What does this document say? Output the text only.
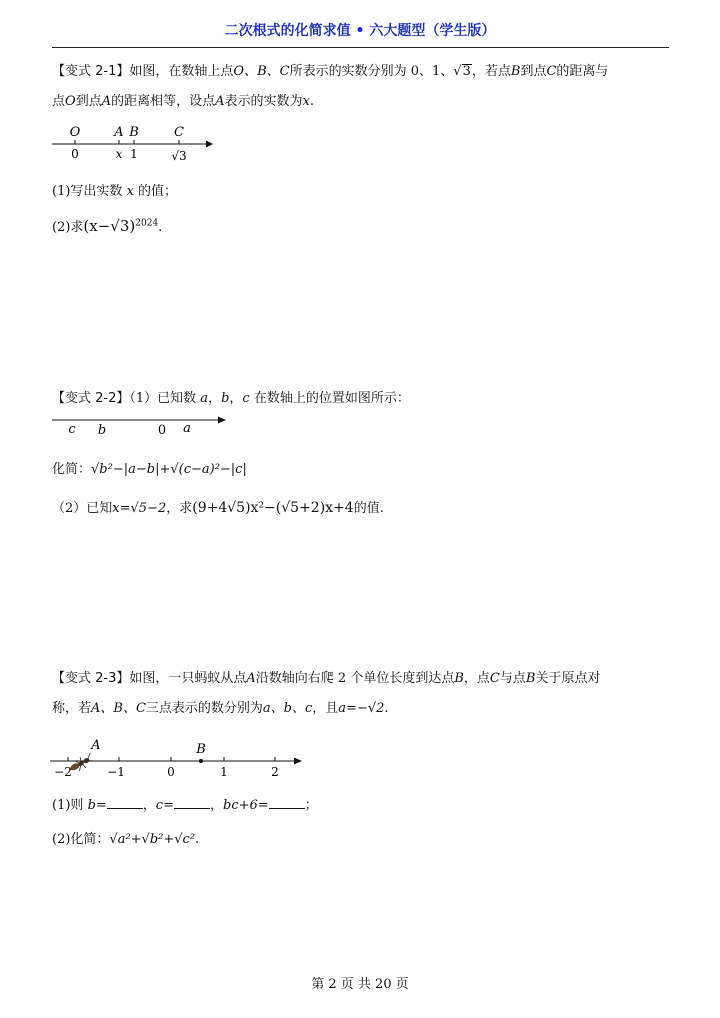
二次根式的化简求值 • 六大题型（学生版）
【变式 2-1】如图，在数轴上点O、B、C所表示的实数分别为 0、1、√3，若点B到点C的距离与
点O到点A的距离相等，设点A表示的实数为x.
O	A B	C
0	x 1	√3
(1)写出实数 x 的值；
(2)求$(x-√3)^{2024}$.
【变式 2-2】（1）已知数 a，b，c 在数轴上的位置如图所示：
c b	0 a
化简：√b²−|a−b|+√(c−a)²−|c|
（2）已知x=√5−2，求(9+4√5)x²−(√5+2)x+4的值.
【变式 2-3】如图，一只蚂蚁从点A沿数轴向右爬 2 个单位长度到达点B，点C与点B关于原点对
称，若A、B、C三点表示的数分别为a、b、c，且a=−√2.
A	B
−2	−1	0	1	2
(1)则 b=	，c=	，bc+6=	；
(2)化简：√a²+√b²+√c².
第 2 页 共 20 页
